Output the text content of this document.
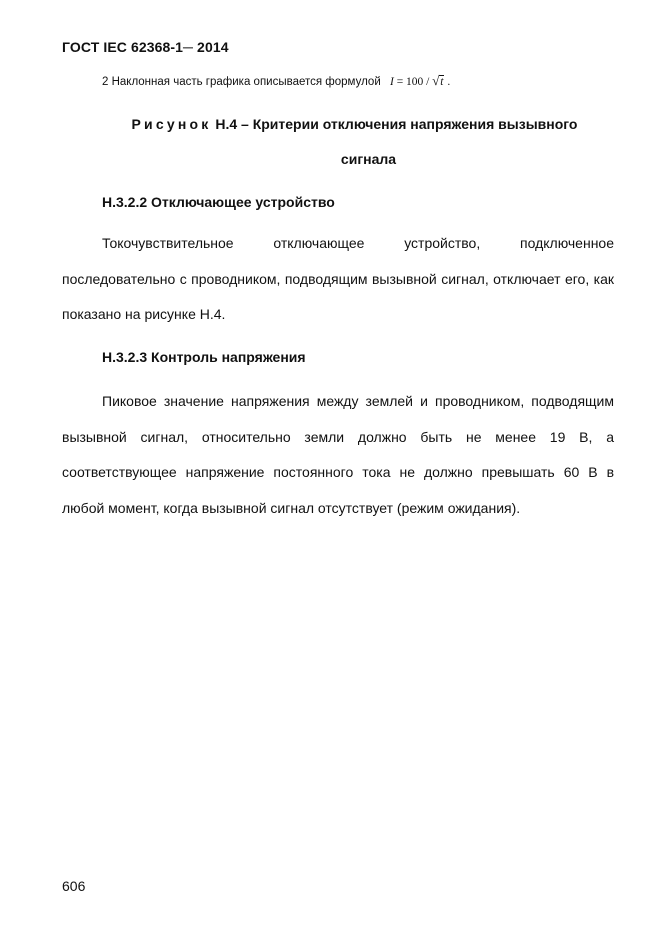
ГОСТ IEC 62368-1─ 2014
2 Наклонная часть графика описывается формулой I = 100 / √ t .
Рисунок Н.4 – Критерии отключения напряжения вызывного
сигнала
Н.3.2.2 Отключающее устройство

Токочувствительное отключающее устройство, подключенное последовательно с проводником, подводящим вызывной сигнал, отключает его, как показано на рисунке Н.4.

Н.3.2.3 Контроль напряжения

Пиковое значение напряжения между землей и проводником, подводящим вызывной сигнал, относительно земли должно быть не менее 19 В, а соответствующее напряжение постоянного тока не должно превышать 60 В в любой момент, когда вызывной сигнал отсутствует (режим ожидания).

606
